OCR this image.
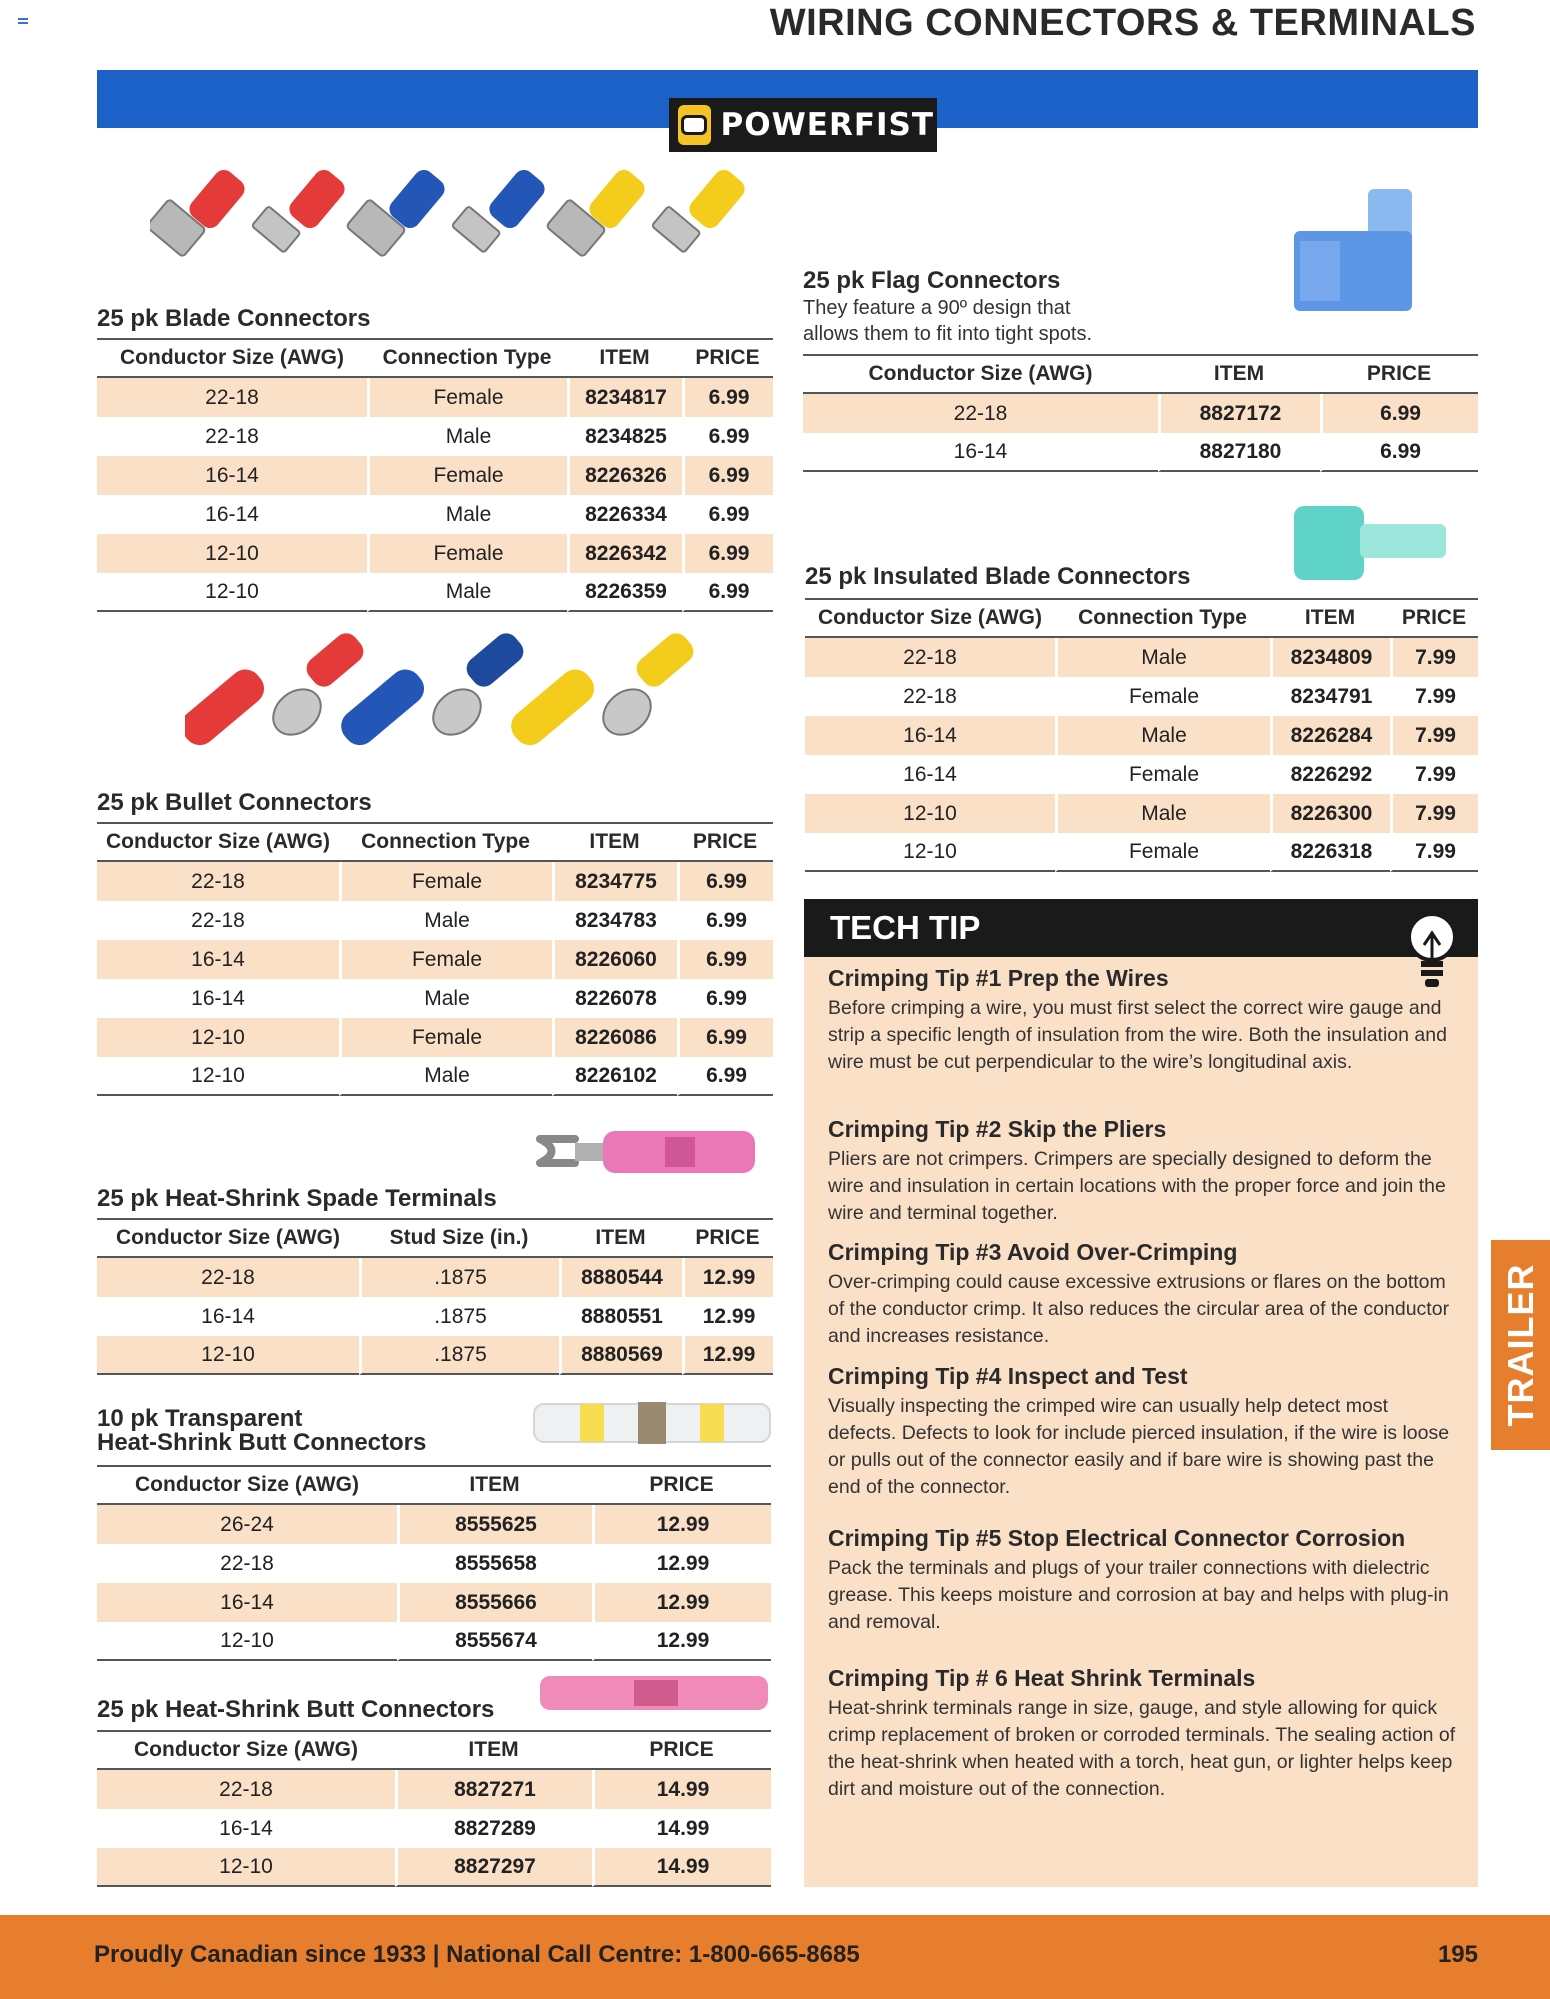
WIRING CONNECTORS & TERMINALS
POWERFIST
25 pk Blade Connectors
Conductor Size (AWG)	Connection Type	ITEM	PRICE
22-18	Female	8234817	6.99
22-18	Male	8234825	6.99
16-14	Female	8226326	6.99
16-14	Male	8226334	6.99
12-10	Female	8226342	6.99
12-10	Male	8226359	6.99
25 pk Bullet Connectors
Conductor Size (AWG)	Connection Type	ITEM	PRICE
22-18	Female	8234775	6.99
22-18	Male	8234783	6.99
16-14	Female	8226060	6.99
16-14	Male	8226078	6.99
12-10	Female	8226086	6.99
12-10	Male	8226102	6.99
25 pk Heat-Shrink Spade Terminals
Conductor Size (AWG)	Stud Size (in.)	ITEM	PRICE
22-18	.1875	8880544	12.99
16-14	.1875	8880551	12.99
12-10	.1875	8880569	12.99
10 pk Transparent
Heat-Shrink Butt Connectors
Conductor Size (AWG)	ITEM	PRICE
26-24	8555625	12.99
22-18	8555658	12.99
16-14	8555666	12.99
12-10	8555674	12.99
25 pk Heat-Shrink Butt Connectors
Conductor Size (AWG)	ITEM	PRICE
22-18	8827271	14.99
16-14	8827289	14.99
12-10	8827297	14.99
25 pk Flag Connectors
They feature a 90º design that
allows them to fit into tight spots.
Conductor Size (AWG)	ITEM	PRICE
22-18	8827172	6.99
16-14	8827180	6.99
25 pk Insulated Blade Connectors
Conductor Size (AWG)	Connection Type	ITEM	PRICE
22-18	Male	8234809	7.99
22-18	Female	8234791	7.99
16-14	Male	8226284	7.99
16-14	Female	8226292	7.99
12-10	Male	8226300	7.99
12-10	Female	8226318	7.99
TECH TIP
Crimping Tip #1 Prep the Wires

Before crimping a wire, you must first select the correct wire gauge and strip a specific length of insulation from the wire. Both the insulation and wire must be cut perpendicular to the wire’s longitudinal axis.

Crimping Tip #2 Skip the Pliers

Pliers are not crimpers. Crimpers are specially designed to deform the wire and insulation in certain locations with the proper force and join the wire and terminal together.

Crimping Tip #3 Avoid Over-Crimping

Over-crimping could cause excessive extrusions or flares on the bottom of the conductor crimp. It also reduces the circular area of the conductor and increases resistance.

Crimping Tip #4 Inspect and Test

Visually inspecting the crimped wire can usually help detect most defects. Defects to look for include pierced insulation, if the wire is loose or pulls out of the connector easily and if bare wire is showing past the end of the connector.

Crimping Tip #5 Stop Electrical Connector Corrosion

Pack the terminals and plugs of your trailer connections with dielectric grease. This keeps moisture and corrosion at bay and helps with plug-in and removal.

Crimping Tip # 6 Heat Shrink Terminals

Heat-shrink terminals range in size, gauge, and style allowing for quick crimp replacement of broken or corroded terminals. The sealing action of the heat-shrink when heated with a torch, heat gun, or lighter helps keep dirt and moisture out of the connection.

TRAILER
Proudly Canadian since 1933 | National Call Centre: 1-800-665-8685	195
